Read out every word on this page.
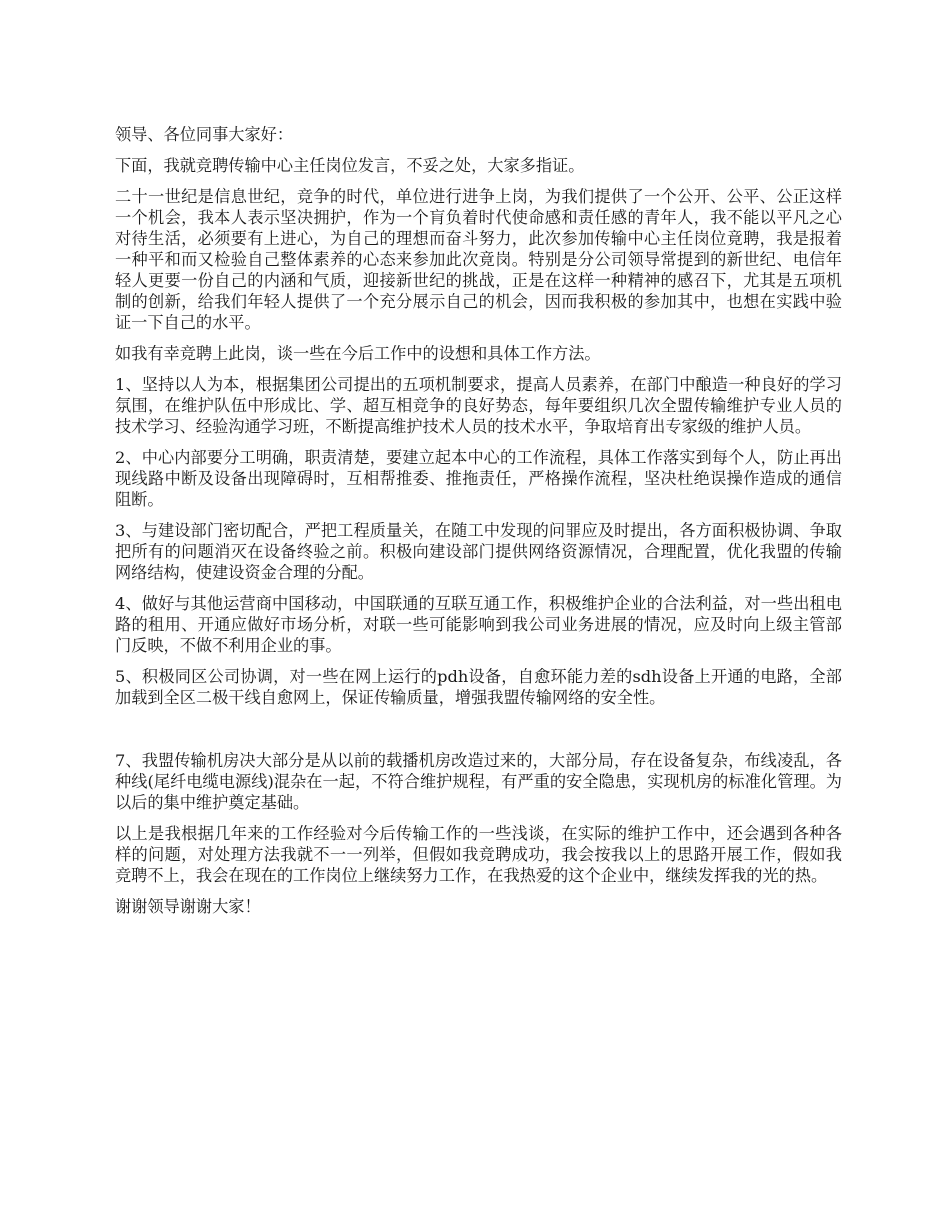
领导、各位同事大家好：

下面，我就竞聘传输中心主任岗位发言，不妥之处，大家多指证。

二十一世纪是信息世纪，竞争的时代，单位进行进争上岗，为我们提供了一个公开、公平、公正这样一个机会，我本人表示坚决拥护，作为一个肓负着时代使命感和责任感的青年人，我不能以平凡之心对待生活，必须要有上进心，为自己的理想而奋斗努力，此次参加传输中心主任岗位竟聘，我是报着一种平和而又检验自己整体素养的心态来参加此次竟岗。特别是分公司领导常提到的新世纪、电信年轻人更要一份自己的内涵和气质，迎接新世纪的挑战，正是在这样一种精神的感召下，尤其是五项机制的创新，给我们年轻人提供了一个充分展示自己的机会，因而我积极的参加其中，也想在实践中验证一下自己的水平。

如我有幸竞聘上此岗，谈一些在今后工作中的设想和具体工作方法。

1、坚持以人为本，根据集团公司提出的五项机制要求，提高人员素养，在部门中酿造一种良好的学习氛围，在维护队伍中形成比、学、超互相竞争的良好势态，每年要组织几次全盟传输维护专业人员的技术学习、经验沟通学习班，不断提高维护技术人员的技术水平，争取培育出专家级的维护人员。

2、中心内部要分工明确，职责清楚，要建立起本中心的工作流程，具体工作落实到每个人，防止再出现线路中断及设备出现障碍时，互相帮推委、推拖责任，严格操作流程，坚决杜绝误操作造成的通信阻断。

3、与建设部门密切配合，严把工程质量关，在随工中发现的问罪应及时提出，各方面积极协调、争取把所有的问题消灭在设备终验之前。积极向建设部门提供网络资源情况，合理配置，优化我盟的传输网络结构，使建设资金合理的分配。

4、做好与其他运营商中国移动，中国联通的互联互通工作，积极维护企业的合法利益，对一些出租电路的租用、开通应做好市场分析，对联一些可能影响到我公司业务进展的情况，应及时向上级主管部门反映，不做不利用企业的事。

5、积极同区公司协调，对一些在网上运行的pdh设备，自愈环能力差的sdh设备上开通的电路，全部加载到全区二极干线自愈网上，保证传输质量，增强我盟传输网络的安全性。

7、我盟传输机房决大部分是从以前的载播机房改造过来的，大部分局，存在设备复杂，布线凌乱，各种线(尾纤电缆电源线)混杂在一起，不符合维护规程，有严重的安全隐患，实现机房的标准化管理。为以后的集中维护奠定基础。

以上是我根据几年来的工作经验对今后传输工作的一些浅谈，在实际的维护工作中，还会遇到各种各样的问题，对处理方法我就不一一列举，但假如我竞聘成功，我会按我以上的思路开展工作，假如我竞聘不上，我会在现在的工作岗位上继续努力工作，在我热爱的这个企业中，继续发挥我的光的热。

谢谢领导谢谢大家！
